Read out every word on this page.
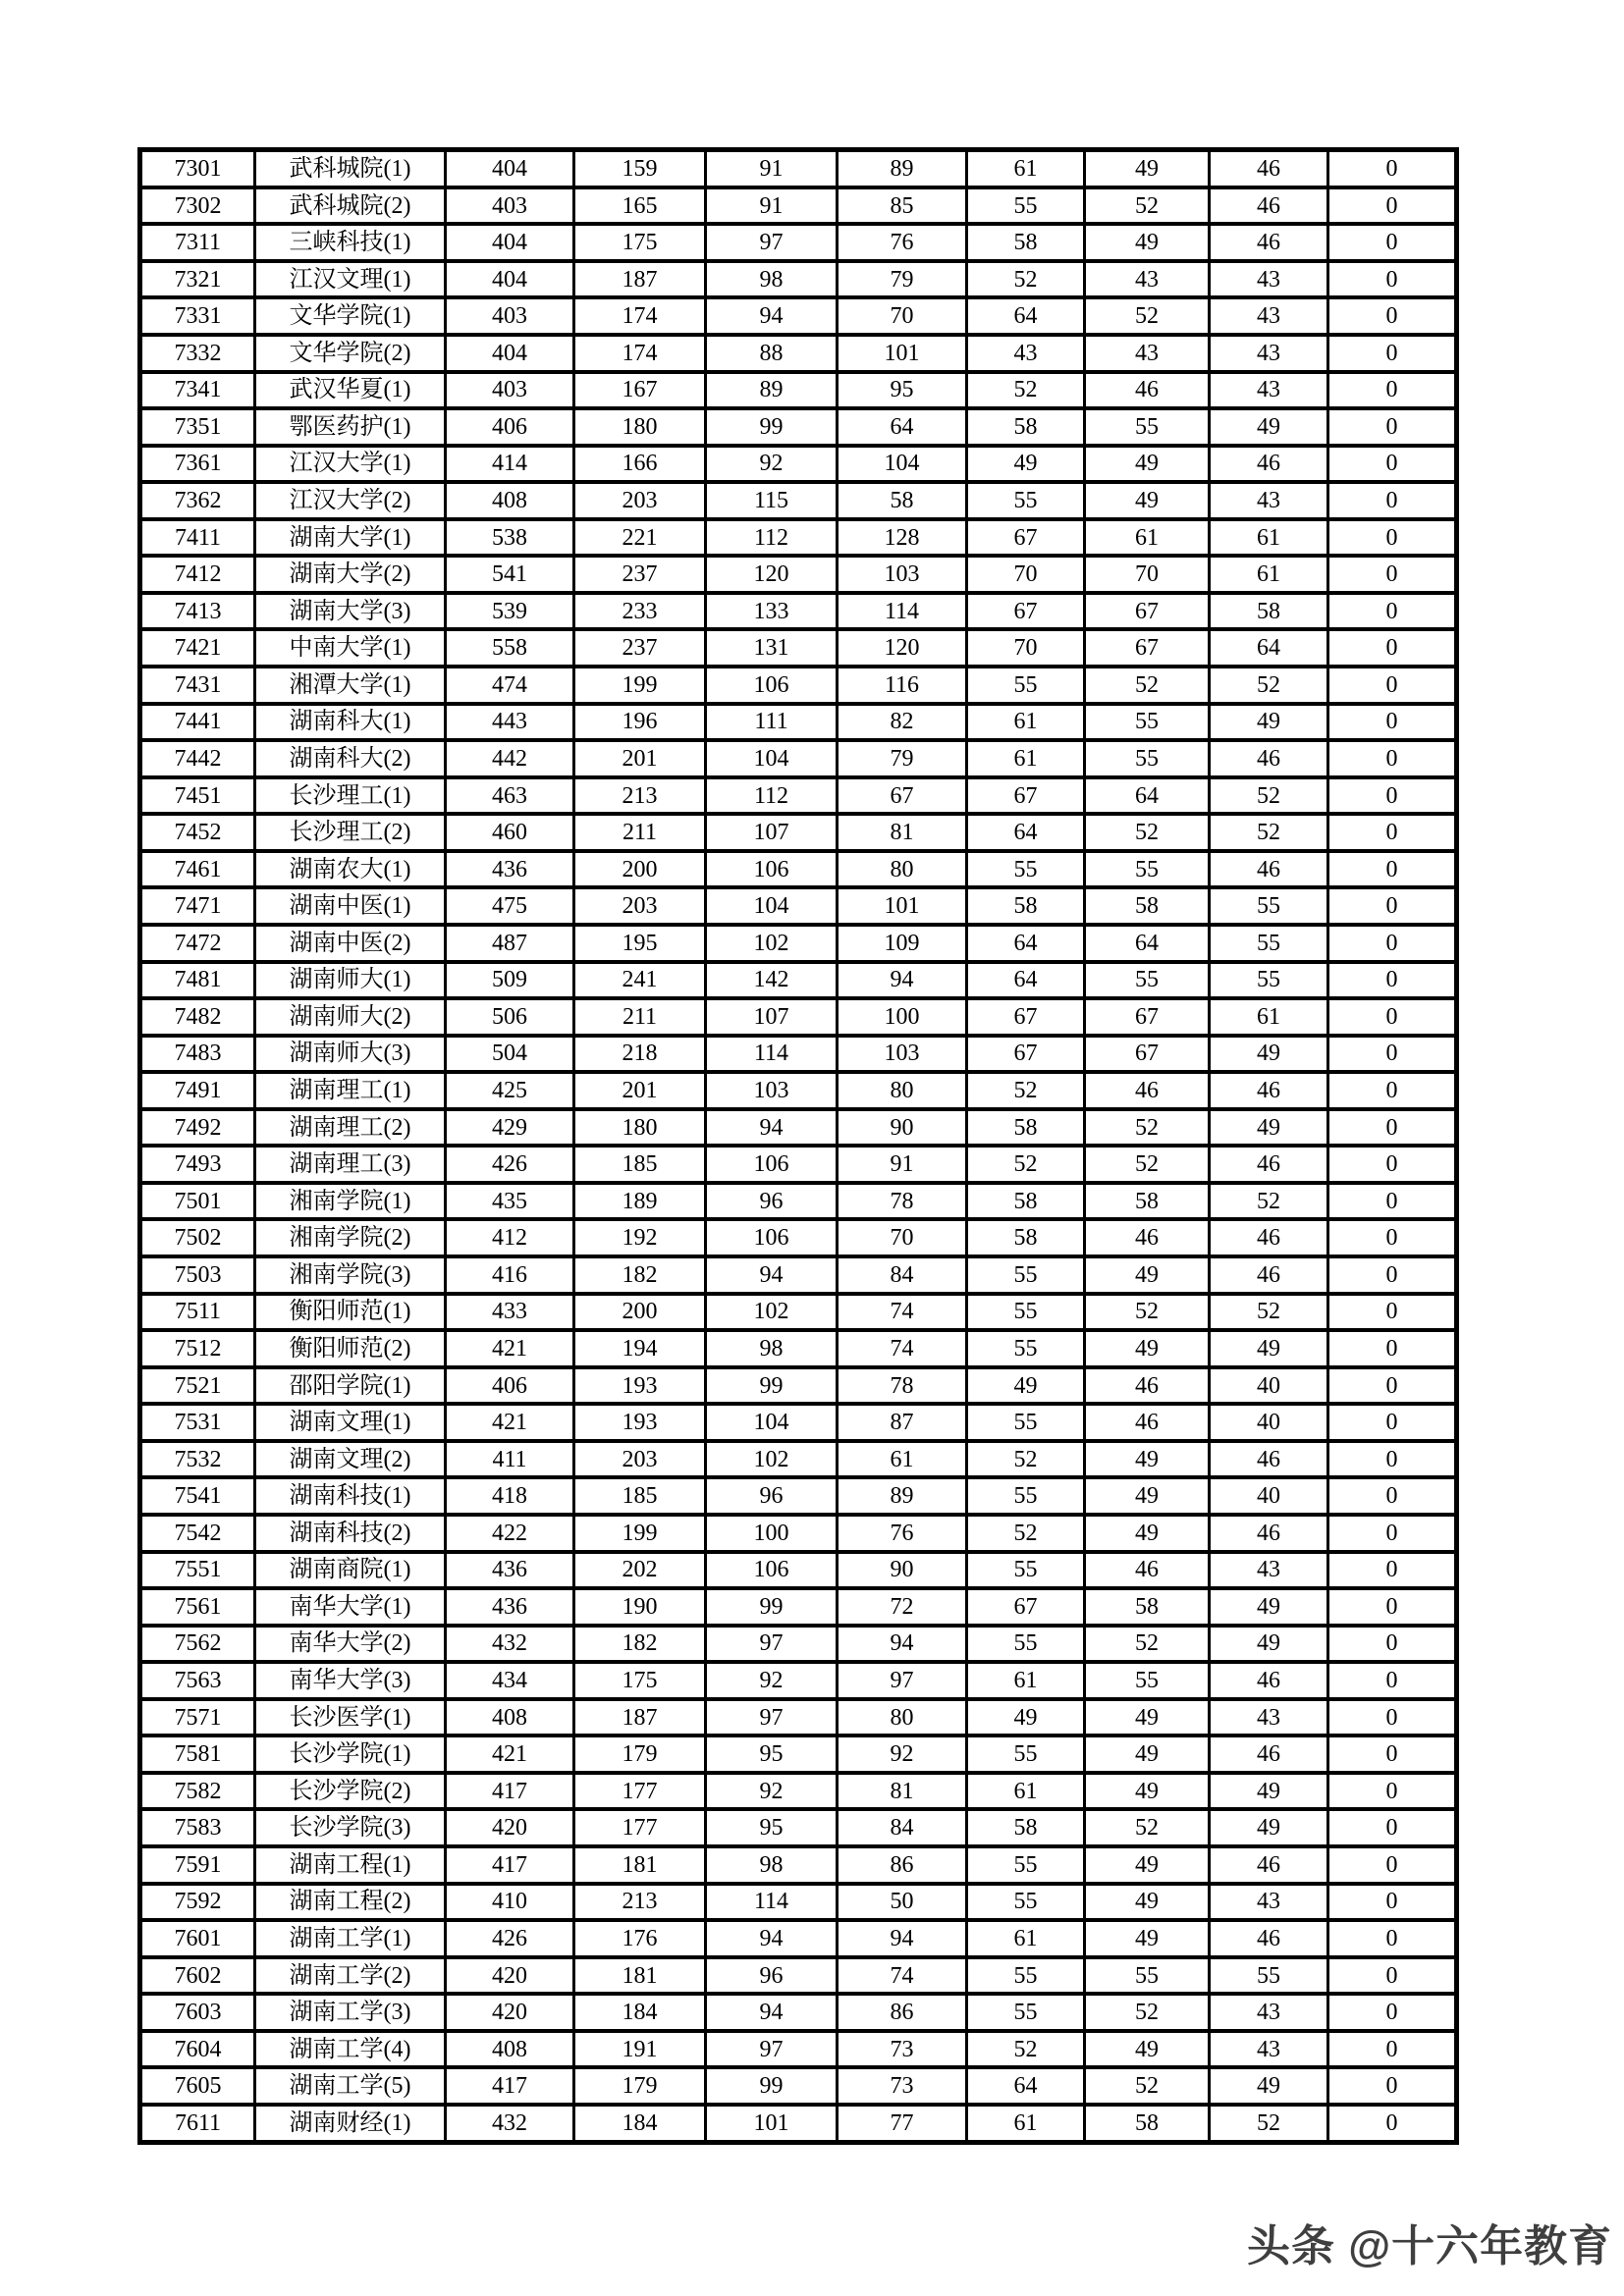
7301	武科城院(1)	404	159	91	89	61	49	46	0
7302	武科城院(2)	403	165	91	85	55	52	46	0
7311	三峡科技(1)	404	175	97	76	58	49	46	0
7321	江汉文理(1)	404	187	98	79	52	43	43	0
7331	文华学院(1)	403	174	94	70	64	52	43	0
7332	文华学院(2)	404	174	88	101	43	43	43	0
7341	武汉华夏(1)	403	167	89	95	52	46	43	0
7351	鄂医药护(1)	406	180	99	64	58	55	49	0
7361	江汉大学(1)	414	166	92	104	49	49	46	0
7362	江汉大学(2)	408	203	115	58	55	49	43	0
7411	湖南大学(1)	538	221	112	128	67	61	61	0
7412	湖南大学(2)	541	237	120	103	70	70	61	0
7413	湖南大学(3)	539	233	133	114	67	67	58	0
7421	中南大学(1)	558	237	131	120	70	67	64	0
7431	湘潭大学(1)	474	199	106	116	55	52	52	0
7441	湖南科大(1)	443	196	111	82	61	55	49	0
7442	湖南科大(2)	442	201	104	79	61	55	46	0
7451	长沙理工(1)	463	213	112	67	67	64	52	0
7452	长沙理工(2)	460	211	107	81	64	52	52	0
7461	湖南农大(1)	436	200	106	80	55	55	46	0
7471	湖南中医(1)	475	203	104	101	58	58	55	0
7472	湖南中医(2)	487	195	102	109	64	64	55	0
7481	湖南师大(1)	509	241	142	94	64	55	55	0
7482	湖南师大(2)	506	211	107	100	67	67	61	0
7483	湖南师大(3)	504	218	114	103	67	67	49	0
7491	湖南理工(1)	425	201	103	80	52	46	46	0
7492	湖南理工(2)	429	180	94	90	58	52	49	0
7493	湖南理工(3)	426	185	106	91	52	52	46	0
7501	湘南学院(1)	435	189	96	78	58	58	52	0
7502	湘南学院(2)	412	192	106	70	58	46	46	0
7503	湘南学院(3)	416	182	94	84	55	49	46	0
7511	衡阳师范(1)	433	200	102	74	55	52	52	0
7512	衡阳师范(2)	421	194	98	74	55	49	49	0
7521	邵阳学院(1)	406	193	99	78	49	46	40	0
7531	湖南文理(1)	421	193	104	87	55	46	40	0
7532	湖南文理(2)	411	203	102	61	52	49	46	0
7541	湖南科技(1)	418	185	96	89	55	49	40	0
7542	湖南科技(2)	422	199	100	76	52	49	46	0
7551	湖南商院(1)	436	202	106	90	55	46	43	0
7561	南华大学(1)	436	190	99	72	67	58	49	0
7562	南华大学(2)	432	182	97	94	55	52	49	0
7563	南华大学(3)	434	175	92	97	61	55	46	0
7571	长沙医学(1)	408	187	97	80	49	49	43	0
7581	长沙学院(1)	421	179	95	92	55	49	46	0
7582	长沙学院(2)	417	177	92	81	61	49	49	0
7583	长沙学院(3)	420	177	95	84	58	52	49	0
7591	湖南工程(1)	417	181	98	86	55	49	46	0
7592	湖南工程(2)	410	213	114	50	55	49	43	0
7601	湖南工学(1)	426	176	94	94	61	49	46	0
7602	湖南工学(2)	420	181	96	74	55	55	55	0
7603	湖南工学(3)	420	184	94	86	55	52	43	0
7604	湖南工学(4)	408	191	97	73	52	49	43	0
7605	湖南工学(5)	417	179	99	73	64	52	49	0
7611	湖南财经(1)	432	184	101	77	61	58	52	0
头条 @十六年教育
